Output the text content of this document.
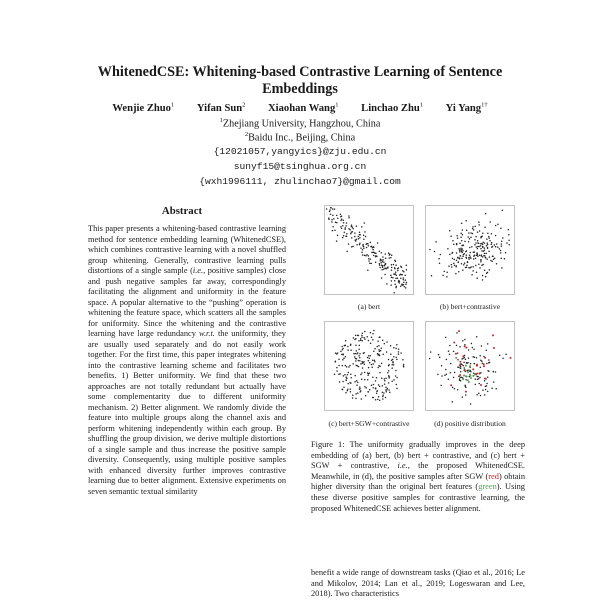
WhitenedCSE: Whitening-based Contrastive Learning of Sentence Embeddings
Wenjie Zhuo$^1$ Yifan Sun$^2$ Xiaohan Wang$^1$ Linchao Zhu$^1$ Yi Yang$^{1\dagger}$
$^1$Zhejiang University, Hangzhou, China
$^2$Baidu Inc., Beijing, China
{12021057,yangyics}@zju.edu.cn
sunyf15@tsinghua.org.cn
{wxh1996111, zhulinchao7}@gmail.com
Abstract
This paper presents a whitening-based contrastive learning method for sentence embedding learning (WhitenedCSE), which combines contrastive learning with a novel shuffled group whitening. Generally, contrastive learning pulls distortions of a single sample (i.e., positive samples) close and push negative samples far away, correspondingly facilitating the alignment and uniformity in the feature space. A popular alternative to the “pushing” operation is whitening the feature space, which scatters all the samples for uniformity. Since the whitening and the contrastive learning have large redundancy w.r.t. the uniformity, they are usually used separately and do not easily work together. For the first time, this paper integrates whitening into the contrastive learning scheme and facilitates two benefits. 1) Better uniformity. We find that these two approaches are not totally redundant but actually have some complementarity due to different uniformity mechanism. 2) Better alignment. We randomly divide the feature into multiple groups along the channel axis and perform whitening independently within each group. By shuffling the group division, we derive multiple distortions of a single sample and thus increase the positive sample diversity. Consequently, using multiple positive samples with enhanced diversity further improves contrastive learning due to better alignment. Extensive experiments on seven semantic textual similarity
(a) bert	(b) bert+contrastive
(c) bert+SGW+contrastive	(d) positive distribution
Figure 1: The uniformity gradually improves in the deep embedding of (a) bert, (b) bert + contrastive, and (c) bert + SGW + contrastive, i.e., the proposed WhitenedCSE. Meanwhile, in (d), the positive samples after SGW (red) obtain higher diversity than the original bert features (green). Using these diverse positive samples for contrastive learning, the proposed WhitenedCSE achieves better alignment.
benefit a wide range of downstream tasks (Qiao et al., 2016; Le and Mikolov, 2014; Lan et al., 2019; Logeswaran and Lee, 2018). Two characteristics
